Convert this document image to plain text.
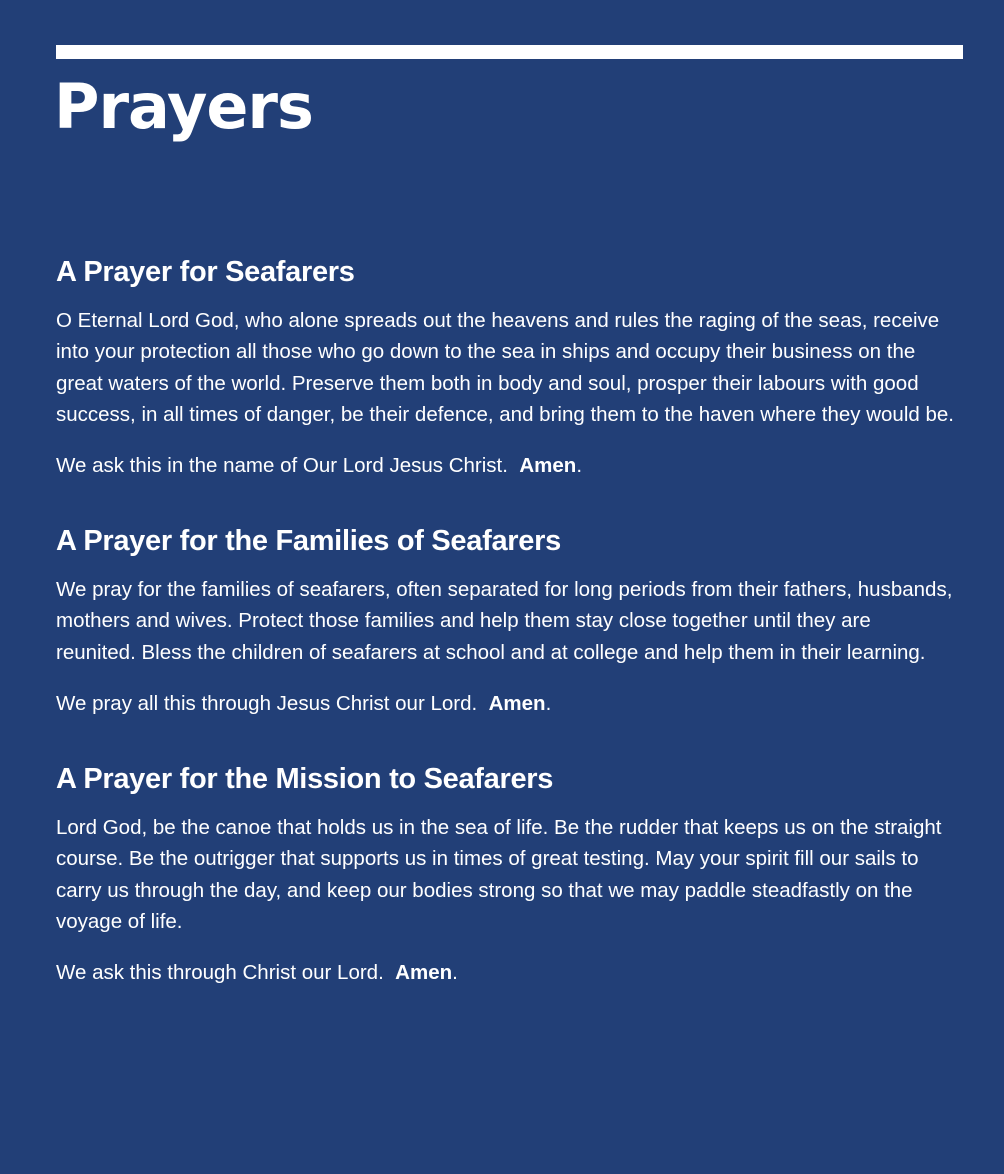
Prayers
A Prayer for Seafarers

O Eternal Lord God, who alone spreads out the heavens and rules the raging of the seas, receive into your protection all those who go down to the sea in ships and occupy their business on the great waters of the world. Preserve them both in body and soul, prosper their labours with good success, in all times of danger, be their defence, and bring them to the haven where they would be.

We ask this in the name of Our Lord Jesus Christ.  Amen.

A Prayer for the Families of Seafarers

We pray for the families of seafarers, often separated for long periods from their fathers, husbands, mothers and wives. Protect those families and help them stay close together until they are reunited. Bless the children of seafarers at school and at college and help them in their learning.

We pray all this through Jesus Christ our Lord.  Amen.

A Prayer for the Mission to Seafarers

Lord God, be the canoe that holds us in the sea of life. Be the rudder that keeps us on the straight course. Be the outrigger that supports us in times of great testing. May your spirit fill our sails to carry us through the day, and keep our bodies strong so that we may paddle steadfastly on the voyage of life.

We ask this through Christ our Lord.  Amen.
